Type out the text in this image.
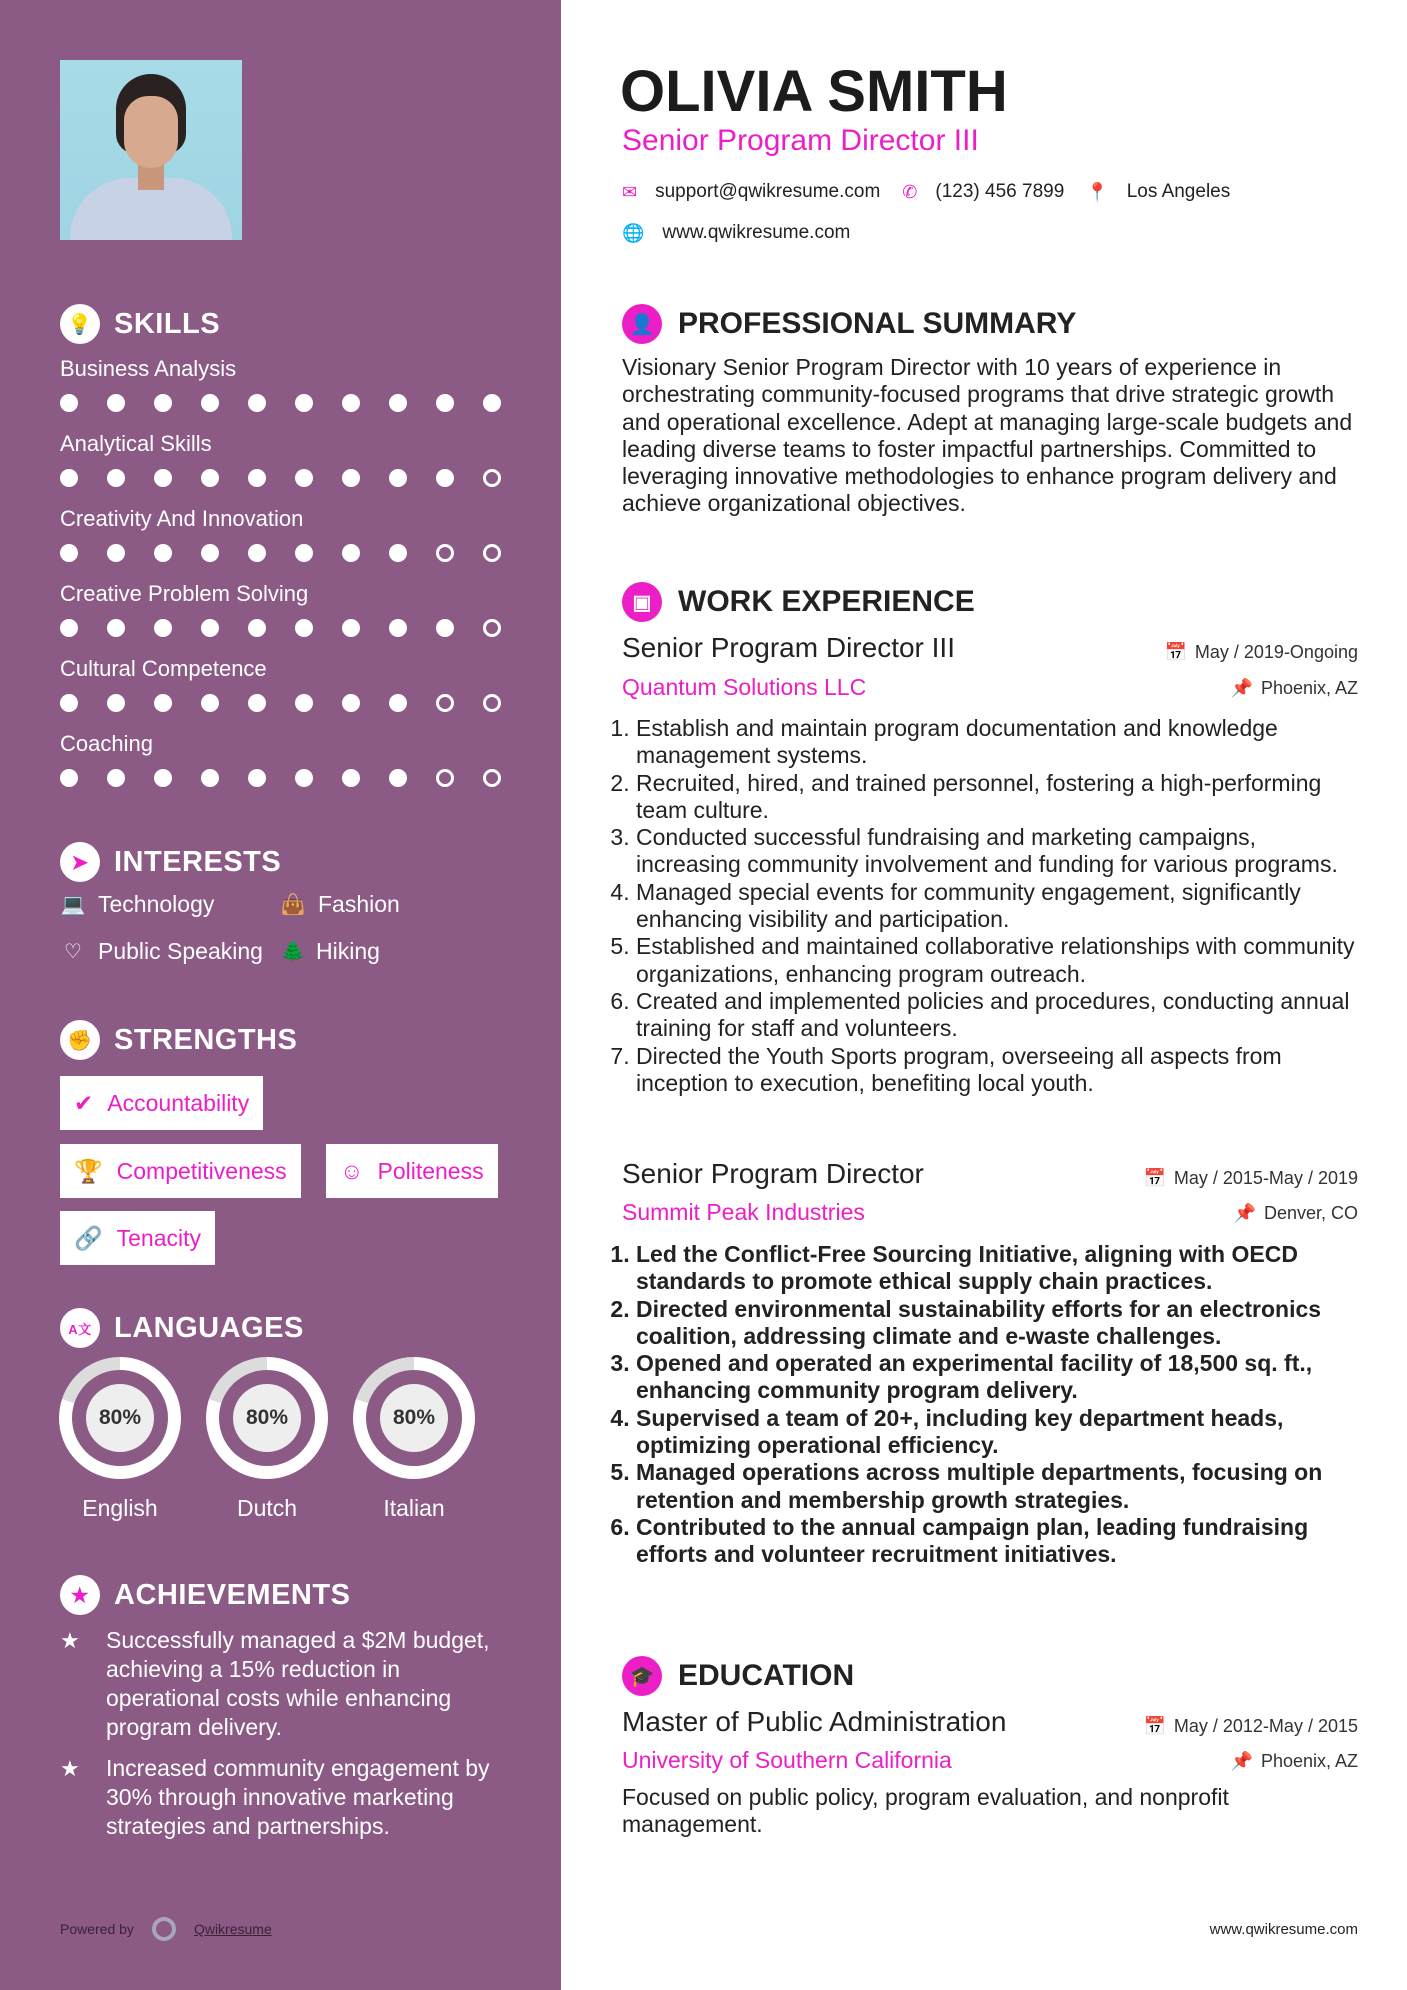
💡 SKILLS
Business Analysis
Analytical Skills
Creativity And Innovation
Creative Problem Solving
Cultural Competence
Coaching
➤ INTERESTS
💻 Technology	👜 Fashion
♡ Public Speaking 🌲 Hiking
✊ STRENGTHS
✔ Accountability
🏆 Competitiveness ☺ Politeness
🔗 Tenacity
A文 LANGUAGES
80%
English
80%
Dutch
80%
Italian
★ ACHIEVEMENTS
★	Successfully managed a $2M budget, achieving a 15% reduction in operational costs while enhancing program delivery.
★	Increased community engagement by 30% through innovative marketing strategies and partnerships.
Powered by	Qwikresume
OLIVIA SMITH
Senior Program Director III
✉ support@qwikresume.com ✆ (123) 456 7899 📍 Los Angeles
🌐 www.qwikresume.com
👤 PROFESSIONAL SUMMARY
Visionary Senior Program Director with 10 years of experience in orchestrating community-focused programs that drive strategic growth and operational excellence. Adept at managing large-scale budgets and leading diverse teams to foster impactful partnerships. Committed to leveraging innovative methodologies to enhance program delivery and achieve organizational objectives.
▣ WORK EXPERIENCE
Senior Program Director III	📅 May / 2019-Ongoing
Quantum Solutions LLC	📌 Phoenix, AZ
1. Establish and maintain program documentation and knowledge management systems.
2. Recruited, hired, and trained personnel, fostering a high-performing team culture.
3. Conducted successful fundraising and marketing campaigns, increasing community involvement and funding for various programs.
4. Managed special events for community engagement, significantly enhancing visibility and participation.
5. Established and maintained collaborative relationships with community organizations, enhancing program outreach.
6. Created and implemented policies and procedures, conducting annual training for staff and volunteers.
7. Directed the Youth Sports program, overseeing all aspects from inception to execution, benefiting local youth.
Senior Program Director	📅 May / 2015-May / 2019
Summit Peak Industries	📌 Denver, CO
1. Led the Conflict-Free Sourcing Initiative, aligning with OECD standards to promote ethical supply chain practices.
2. Directed environmental sustainability efforts for an electronics coalition, addressing climate and e-waste challenges.
3. Opened and operated an experimental facility of 18,500 sq. ft., enhancing community program delivery.
4. Supervised a team of 20+, including key department heads, optimizing operational efficiency.
5. Managed operations across multiple departments, focusing on retention and membership growth strategies.
6. Contributed to the annual campaign plan, leading fundraising efforts and volunteer recruitment initiatives.
🎓 EDUCATION
Master of Public Administration	📅 May / 2012-May / 2015
University of Southern California	📌 Phoenix, AZ
Focused on public policy, program evaluation, and nonprofit management.
www.qwikresume.com
